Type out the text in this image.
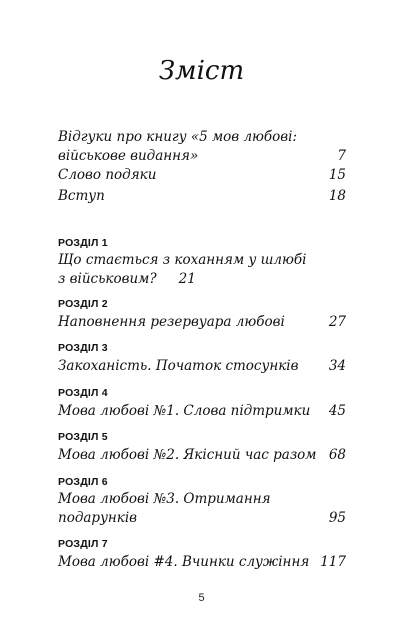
Зміст
Відгуки про книгу «5 мов любові:
військове видання»	7
Слово подяки	15
Вступ	18
РОЗДІЛ 1
Що стається з коханням у шлюбі
з військовим? 21
РОЗДІЛ 2
Наповнення резервуара любові	27
РОЗДІЛ 3
Закоханість. Початок стосунків	34
РОЗДІЛ 4
Мова любові №1. Слова підтримки	45
РОЗДІЛ 5
Мова любові №2. Якісний час разом 68
РОЗДІЛ 6
Мова любові №3. Отримання
подарунків	95
РОЗДІЛ 7
Мова любові #4. Вчинки служіння 117
5
